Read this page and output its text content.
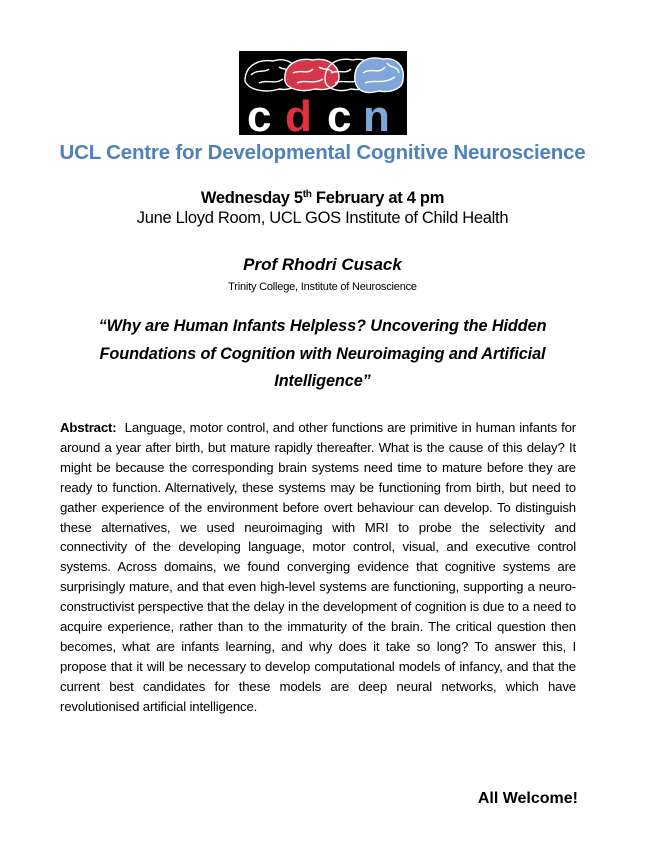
c d c n
UCL Centre for Developmental Cognitive Neuroscience
Wednesday 5th February at 4 pm
June Lloyd Room, UCL GOS Institute of Child Health
Prof Rhodri Cusack
Trinity College, Institute of Neuroscience
“Why are Human Infants Helpless? Uncovering the Hidden Foundations of Cognition with Neuroimaging and Artificial Intelligence”
Abstract: Language, motor control, and other functions are primitive in human infants for around a year after birth, but mature rapidly thereafter. What is the cause of this delay? It might be because the corresponding brain systems need time to mature before they are ready to function. Alternatively, these systems may be functioning from birth, but need to gather experience of the environment before overt behaviour can develop. To distinguish these alternatives, we used neuroimaging with MRI to probe the selectivity and connectivity of the developing language, motor control, visual, and executive control systems. Across domains, we found converging evidence that cognitive systems are surprisingly mature, and that even high-level systems are functioning, supporting a neuro-constructivist perspective that the delay in the development of cognition is due to a need to acquire experience, rather than to the immaturity of the brain. The critical question then becomes, what are infants learning, and why does it take so long? To answer this, I propose that it will be necessary to develop computational models of infancy, and that the current best candidates for these models are deep neural networks, which have revolutionised artificial intelligence.
All Welcome!
